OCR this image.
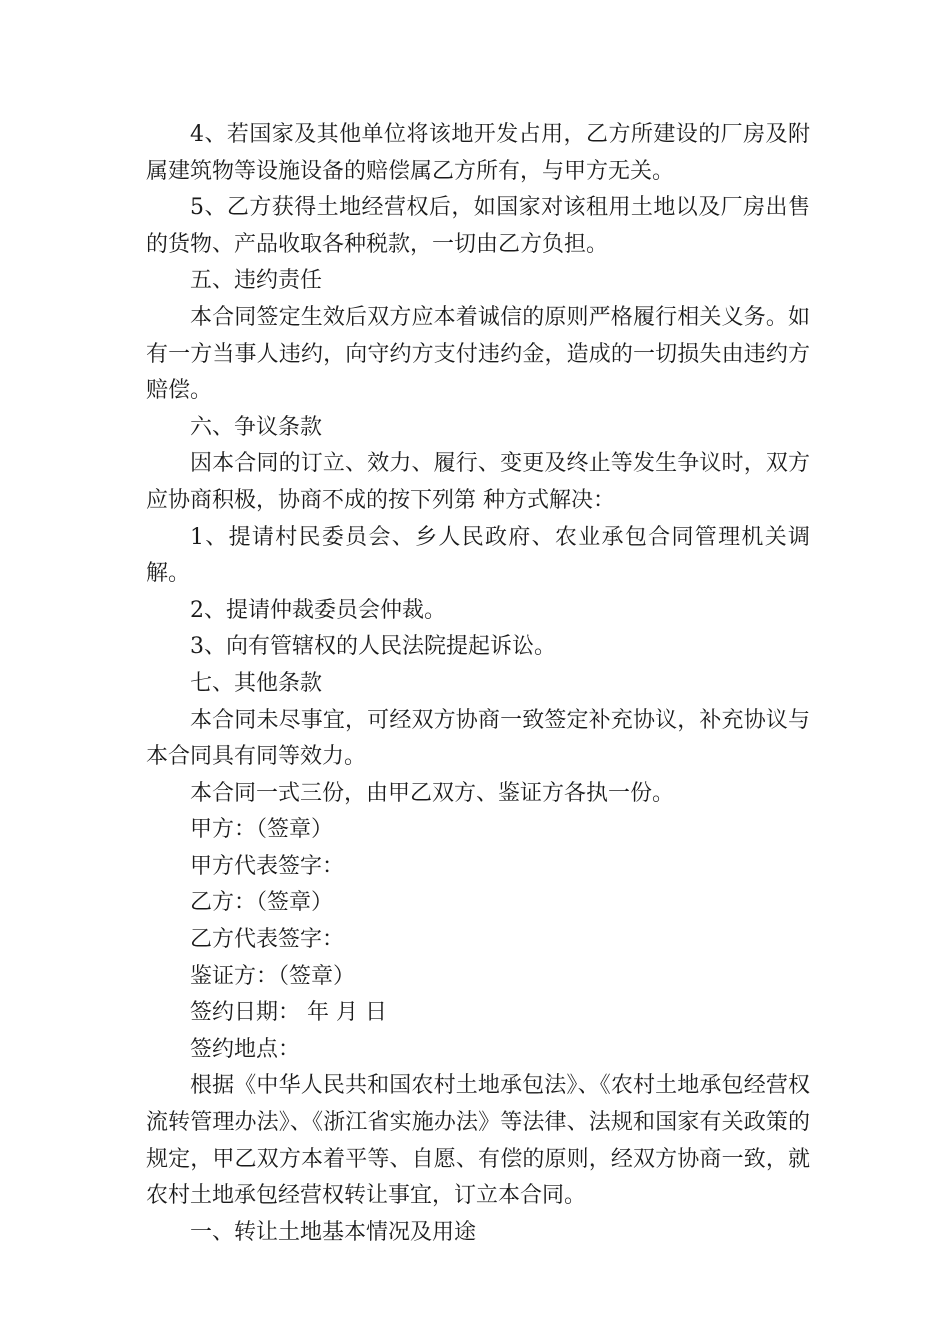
4、若国家及其他单位将该地开发占用，乙方所建设的厂房及附属建筑物等设施设备的赔偿属乙方所有，与甲方无关。

5、乙方获得土地经营权后，如国家对该租用土地以及厂房出售的货物、产品收取各种税款，一切由乙方负担。

五、违约责任

本合同签定生效后双方应本着诚信的原则严格履行相关义务。如有一方当事人违约，向守约方支付违约金，造成的一切损失由违约方赔偿。

六、争议条款

因本合同的订立、效力、履行、变更及终止等发生争议时，双方应协商积极，协商不成的按下列第 种方式解决：

1、提请村民委员会、乡人民政府、农业承包合同管理机关调解。

2、提请仲裁委员会仲裁。

3、向有管辖权的人民法院提起诉讼。

七、其他条款

本合同未尽事宜，可经双方协商一致签定补充协议，补充协议与本合同具有同等效力。

本合同一式三份，由甲乙双方、鉴证方各执一份。

甲方：（签章）

甲方代表签字：

乙方：（签章）

乙方代表签字：

鉴证方：（签章）

签约日期： 年 月 日

签约地点：

根据《中华人民共和国农村土地承包法》、《农村土地承包经营权流转管理办法》、《浙江省实施办法》等法律、法规和国家有关政策的规定，甲乙双方本着平等、自愿、有偿的原则，经双方协商一致，就农村土地承包经营权转让事宜，订立本合同。

一、转让土地基本情况及用途
